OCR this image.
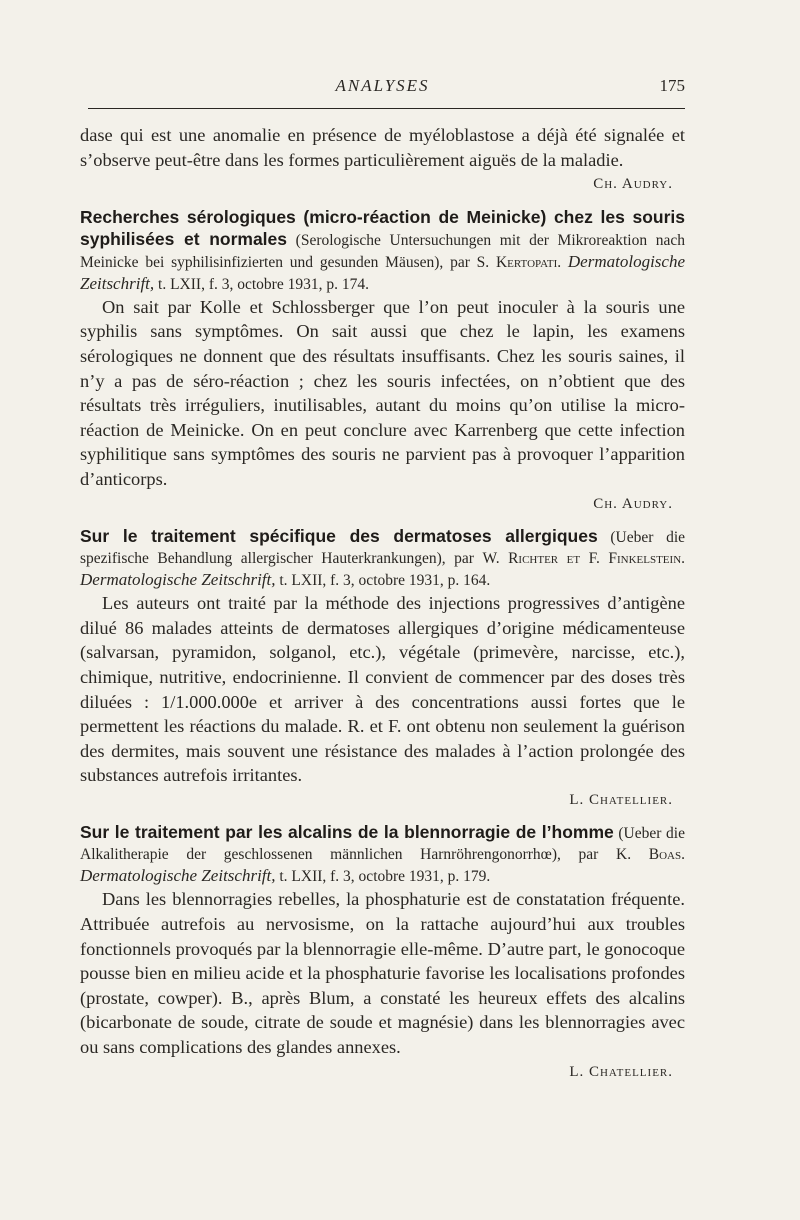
ANALYSES	175

dase qui est une anomalie en présence de myéloblastose a déjà été signalée et s’observe peut-être dans les formes particulièrement aiguës de la maladie.

Ch. Audry.

Recherches sérologiques (micro-réaction de Meinicke) chez les souris syphilisées et normales (Serologische Untersuchungen mit der Mikroreaktion nach Meinicke bei syphilisinfizierten und gesunden Mäusen), par S. Kertopati. Dermatologische Zeitschrift, t. LXII, f. 3, octobre 1931, p. 174.

On sait par Kolle et Schlossberger que l’on peut inoculer à la souris une syphilis sans symptômes. On sait aussi que chez le lapin, les examens sérologiques ne donnent que des résultats insuffisants. Chez les souris saines, il n’y a pas de séro-réaction ; chez les souris infectées, on n’obtient que des résultats très irréguliers, inutilisables, autant du moins qu’on utilise la micro-réaction de Meinicke. On en peut conclure avec Karrenberg que cette infection syphilitique sans symptômes des souris ne parvient pas à provoquer l’apparition d’anticorps.

Ch. Audry.

Sur le traitement spécifique des dermatoses allergiques (Ueber die spezifische Behandlung allergischer Hauterkrankungen), par W. Richter et F. Finkelstein. Dermatologische Zeitschrift, t. LXII, f. 3, octobre 1931, p. 164.

Les auteurs ont traité par la méthode des injections progressives d’antigène dilué 86 malades atteints de dermatoses allergiques d’origine médicamenteuse (salvarsan, pyramidon, solganol, etc.), végétale (primevère, narcisse, etc.), chimique, nutritive, endocrinienne. Il convient de commencer par des doses très diluées : 1/1.000.000e et arriver à des concentrations aussi fortes que le permettent les réactions du malade. R. et F. ont obtenu non seulement la guérison des dermites, mais souvent une résistance des malades à l’action prolongée des substances autrefois irritantes.

L. Chatellier.

Sur le traitement par les alcalins de la blennorragie de l’homme (Ueber die Alkalitherapie der geschlossenen männlichen Harnröhrengonorrhœ), par K. Boas. Dermatologische Zeitschrift, t. LXII, f. 3, octobre 1931, p. 179.

Dans les blennorragies rebelles, la phosphaturie est de constatation fréquente. Attribuée autrefois au nervosisme, on la rattache aujourd’hui aux troubles fonctionnels provoqués par la blennorragie elle-même. D’autre part, le gonocoque pousse bien en milieu acide et la phosphaturie favorise les localisations profondes (prostate, cowper). B., après Blum, a constaté les heureux effets des alcalins (bicarbonate de soude, citrate de soude et magnésie) dans les blennorragies avec ou sans complications des glandes annexes.

L. Chatellier.
